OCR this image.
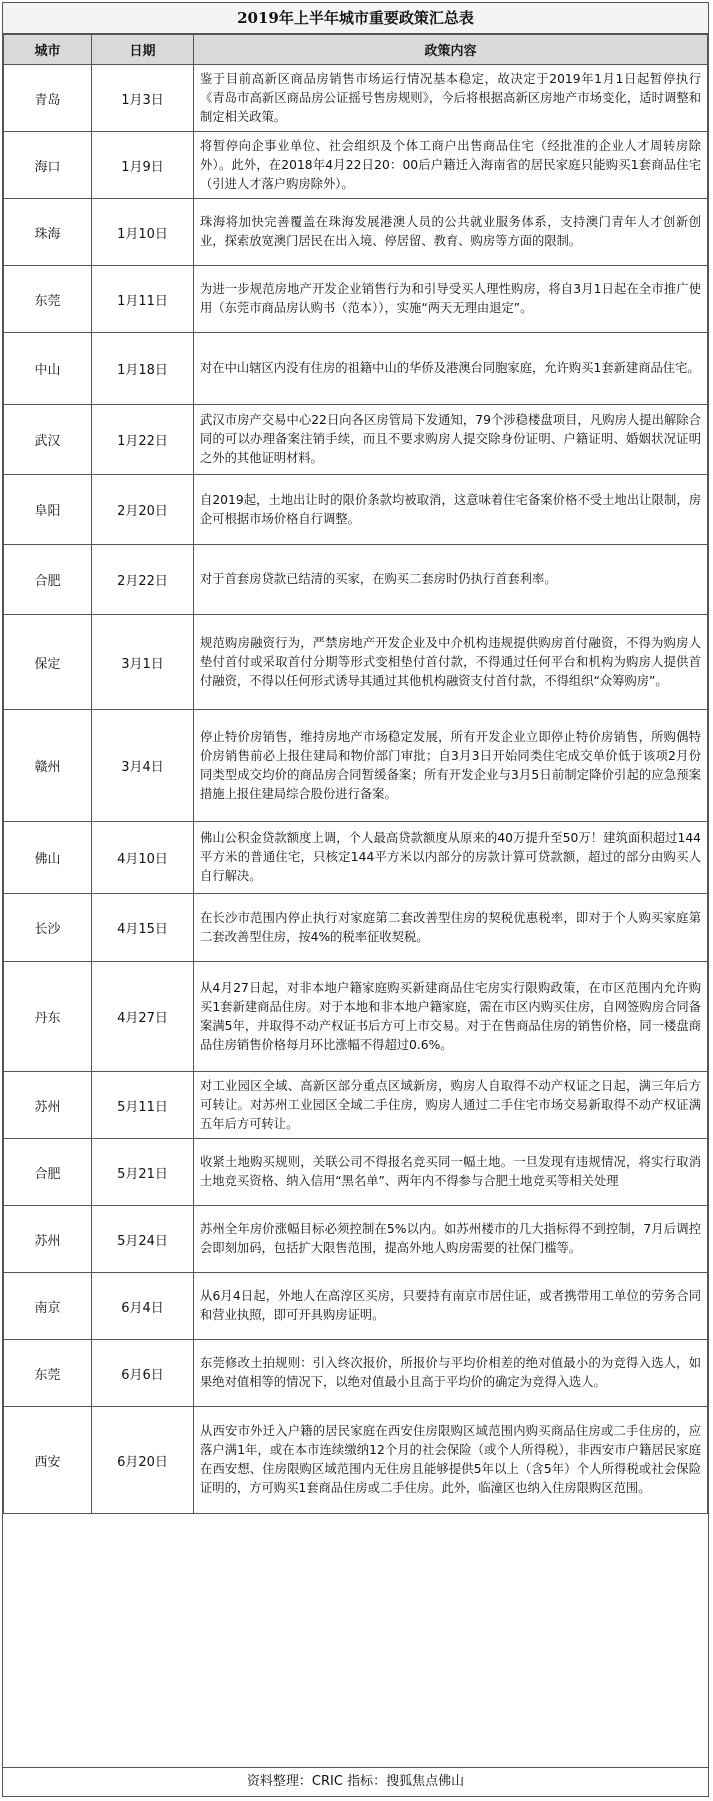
2019年上半年城市重要政策汇总表
城市	日期	政策内容
青岛	1月3日	鉴于目前高新区商品房销售市场运行情况基本稳定，故决定于2019年1月1日起暂停执行《青岛市高新区商品房公证摇号售房规则》，今后将根据高新区房地产市场变化，适时调整和制定相关政策。
海口	1月9日	将暂停向企事业单位、社会组织及个体工商户出售商品住宅（经批准的企业人才周转房除外）。此外，在2018年4月22日20：00后户籍迁入海南省的居民家庭只能购买1套商品住宅（引进人才落户购房除外）。
珠海	1月10日	珠海将加快完善覆盖在珠海发展港澳人员的公共就业服务体系，支持澳门青年人才创新创业，探索放宽澳门居民在出入境、停居留、教育、购房等方面的限制。
东莞	1月11日	为进一步规范房地产开发企业销售行为和引导受买人理性购房，将自3月1日起在全市推广使用（东莞市商品房认购书（范本）），实施“两天无理由退定”。
中山	1月18日	对在中山辖区内没有住房的祖籍中山的华侨及港澳台同胞家庭，允许购买1套新建商品住宅。
武汉	1月22日	武汉市房产交易中心22日向各区房管局下发通知，79个涉稳楼盘项目，凡购房人提出解除合同的可以办理备案注销手续，而且不要求购房人提交除身份证明、户籍证明、婚姻状况证明之外的其他证明材料。
阜阳	2月20日	自2019起，土地出让时的限价条款均被取消，这意味着住宅备案价格不受土地出让限制，房企可根据市场价格自行调整。
合肥	2月22日	对于首套房贷款已结清的买家，在购买二套房时仍执行首套利率。
保定	3月1日	规范购房融资行为，严禁房地产开发企业及中介机构违规提供购房首付融资，不得为购房人垫付首付或采取首付分期等形式变相垫付首付款，不得通过任何平台和机构为购房人提供首付融资，不得以任何形式诱导其通过其他机构融资支付首付款，不得组织“众筹购房”。
赣州	3月4日	停止特价房销售，维持房地产市场稳定发展，所有开发企业立即停止特价房销售，所购偶特价房销售前必上报住建局和物价部门审批；自3月3日开始同类住宅成交单价低于该项2月份同类型成交均价的商品房合同暂缓备案；所有开发企业与3月5日前制定降价引起的应急预案措施上报住建局综合股份进行备案。
佛山	4月10日	佛山公积金贷款额度上调，个人最高贷款额度从原来的40万提升至50万！建筑面积超过144平方米的普通住宅，只核定144平方米以内部分的房款计算可贷款额，超过的部分由购买人自行解决。
长沙	4月15日	在长沙市范围内停止执行对家庭第二套改善型住房的契税优惠税率，即对于个人购买家庭第二套改善型住房，按4%的税率征收契税。
丹东	4月27日	从4月27日起，对非本地户籍家庭购买新建商品住宅房实行限购政策，在市区范围内允许购买1套新建商品住房。对于本地和非本地户籍家庭，需在市区内购买住房，自网签购房合同备案满5年，并取得不动产权证书后方可上市交易。对于在售商品住房的销售价格，同一楼盘商品住房销售价格每月环比涨幅不得超过0.6%。
苏州	5月11日	对工业园区全域、高新区部分重点区域新房，购房人自取得不动产权证之日起，满三年后方可转让。对苏州工业园区全域二手住房，购房人通过二手住宅市场交易新取得不动产权证满五年后方可转让。
合肥	5月21日	收紧土地购买规则，关联公司不得报名竞买同一幅土地。一旦发现有违规情况，将实行取消土地竞买资格、纳入信用“黑名单”、两年内不得参与合肥土地竞买等相关处理
苏州	5月24日	苏州全年房价涨幅目标必须控制在5%以内。如苏州楼市的几大指标得不到控制，7月后调控会即刻加码，包括扩大限售范围，提高外地人购房需要的社保门槛等。
南京	6月4日	从6月4日起，外地人在高淳区买房，只要持有南京市居住证，或者携带用工单位的劳务合同和营业执照，即可开具购房证明。
东莞	6月6日	东莞修改土拍规则：引入终次报价，所报价与平均价相差的绝对值最小的为竞得入选人，如果绝对值相等的情况下，以绝对值最小且高于平均价的确定为竞得入选人。
西安	6月20日	从西安市外迁入户籍的居民家庭在西安住房限购区域范围内购买商品住房或二手住房的，应落户满1年，或在本市连续缴纳12个月的社会保险（或个人所得税），非西安市户籍居民家庭在西安想、住房限购区域范围内无住房且能够提供5年以上（含5年）个人所得税或社会保险证明的，方可购买1套商品住房或二手住房。此外，临潼区也纳入住房限购区范围。
资料整理：CRIC 指标：搜狐焦点佛山
